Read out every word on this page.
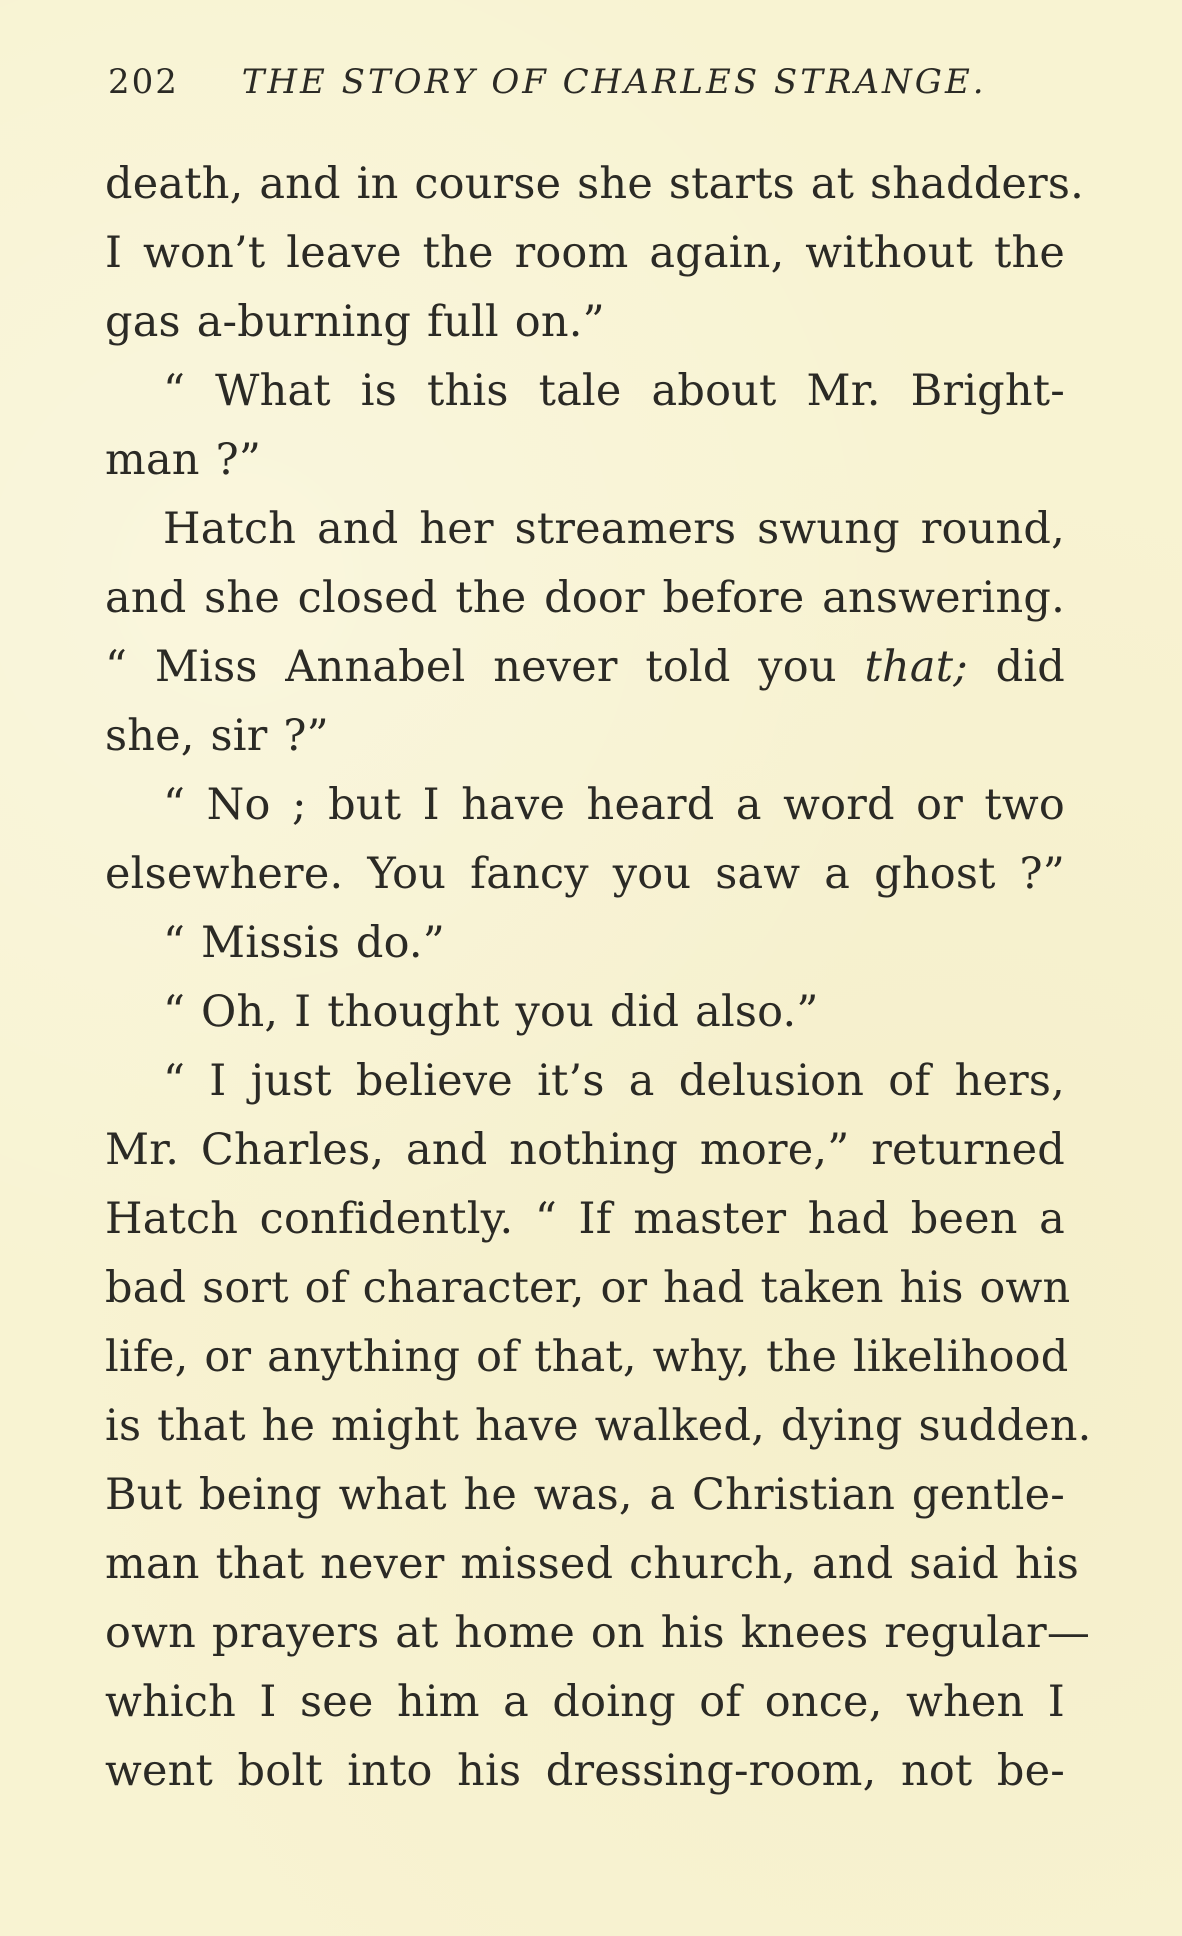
202 THE STORY OF CHARLES STRANGE.
death, and in course she starts at shadders.
I won’t leave the room again, without the
gas a-burning full on.”
“ What is this tale about Mr. Bright-
man ?”
Hatch and her streamers swung round,
and she closed the door before answering.
“ Miss Annabel never told you that; did
she, sir ?”
“ No ; but I have heard a word or two
elsewhere. You fancy you saw a ghost ?”
“ Missis do.”
“ Oh, I thought you did also.”
“ I just believe it’s a delusion of hers,
Mr. Charles, and nothing more,” returned
Hatch confidently. “ If master had been a
bad sort of character, or had taken his own
life, or anything of that, why, the likelihood
is that he might have walked, dying sudden.
But being what he was, a Christian gentle-
man that never missed church, and said his
own prayers at home on his knees regular—
which I see him a doing of once, when I
went bolt into his dressing-room, not be-
